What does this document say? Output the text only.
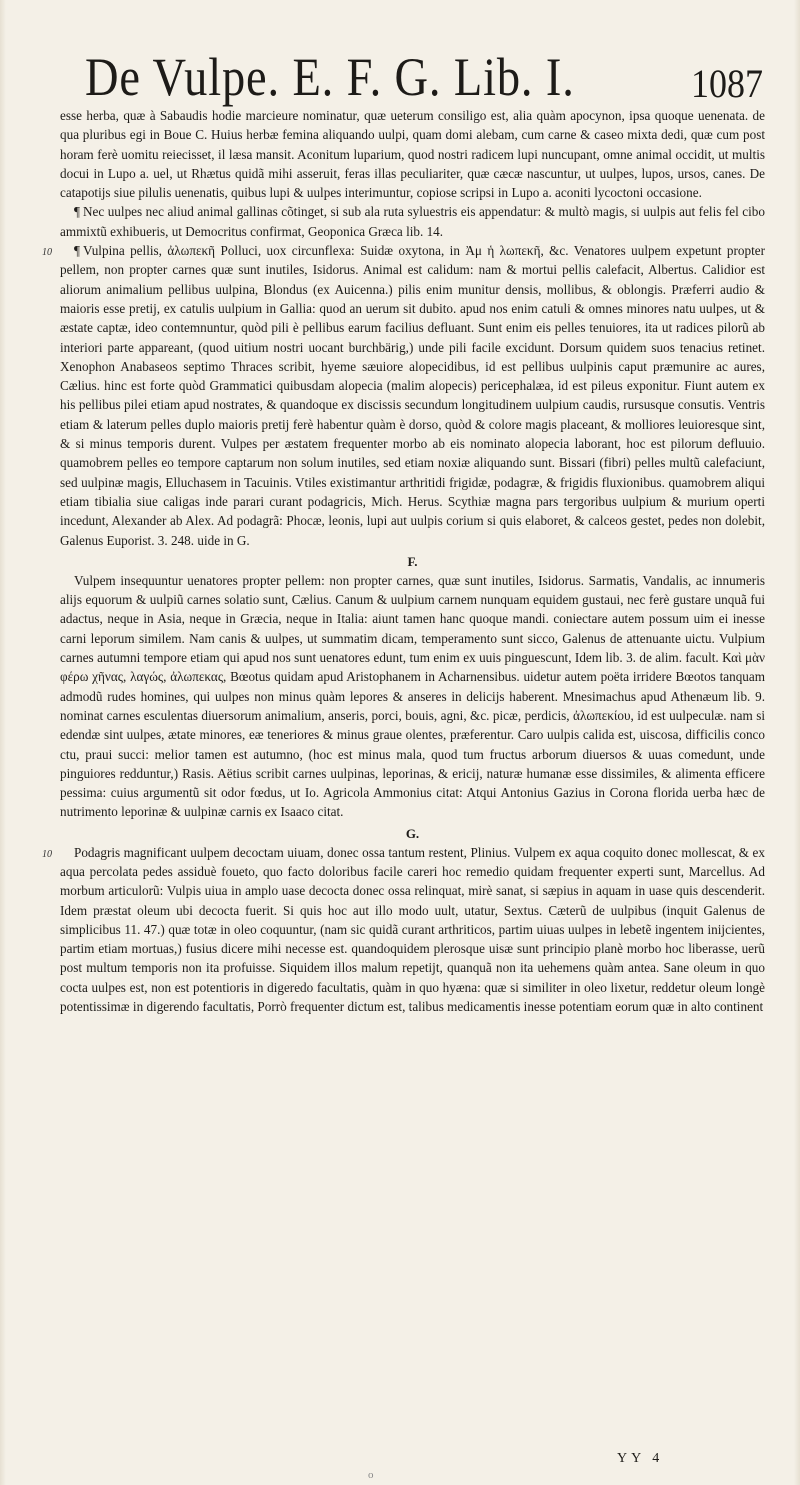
De Vulpe. E. F. G. Lib. I.	1087

esse herba, quæ à Sabaudis hodie marcieure nominatur, quæ ueterum consiligo est, alia quàm apocynon, ipsa quoque uenenata. de qua pluribus egi in Boue C. Huius herbæ femina aliquando uulpi, quam domi alebam, cum carne & caseo mixta dedi, quæ cum post horam ferè uomitu reiecisset, il læsa mansit. Aconitum luparium, quod nostri radicem lupi nuncupant, omne animal occidit, ut multis docui in Lupo a. uel, ut Rhætus quidã mihi asseruit, feras illas peculiariter, quæ cæcæ nascuntur, ut uulpes, lupos, ursos, canes. De catapotijs siue pilulis uenenatis, quibus lupi & uulpes interimuntur, copiose scripsi in Lupo a. aconiti lycoctoni occasione.

¶ Nec uulpes nec aliud animal gallinas cõtinget, si sub ala ruta syluestris eis appendatur: & multò magis, si uulpis aut felis fel cibo ammixtũ exhibueris, ut Democritus confirmat, Geoponica Græca lib. 14.

10 ¶ Vulpina pellis, ἀλωπεκῆ Polluci, uox circunflexa: Suidæ oxytona, in Ἀμ ἡ λωπεκῆ, &c. Venatores uulpem expetunt propter pellem, non propter carnes quæ sunt inutiles, Isidorus. Animal est calidum: nam & mortui pellis calefacit, Albertus. Calidior est aliorum animalium pellibus uulpina, Blondus (ex Auicenna.) pilis enim munitur densis, mollibus, & oblongis. Præferri audio & maioris esse pretij, ex catulis uulpium in Gallia: quod an uerum sit dubito. apud nos enim catuli & omnes minores natu uulpes, ut & æstate captæ, ideo contemnuntur, quòd pili è pellibus earum facilius defluant. Sunt enim eis pelles tenuiores, ita ut radices pilorũ ab interiori parte appareant, (quod uitium nostri uocant burchbärig,) unde pili facile excidunt. Dorsum quidem suos tenacius retinet. Xenophon Anabaseos septimo Thraces scribit, hyeme sæuiore alopecidibus, id est pellibus uulpinis caput præmunire ac aures, Cælius. hinc est forte quòd Grammatici quibusdam alopecia (malim alopecis) pericephalæa, id est pileus exponitur. Fiunt autem ex his pellibus pilei etiam apud nostrates, & quandoque ex discissis secundum longitudinem uulpium caudis, rursusque consutis. Ventris etiam & laterum pelles duplo maioris pretij ferè habentur quàm è dorso, quòd & colore magis placeant, & molliores leuioresque sint, & si minus temporis durent. Vulpes per æstatem frequenter morbo ab eis nominato alopecia laborant, hoc est pilorum defluuio. quamobrem pelles eo tempore captarum non solum inutiles, sed etiam noxiæ aliquando sunt. Bissari (fibri) pelles multũ calefaciunt, sed uulpinæ magis, Elluchasem in Tacuinis. Vtiles existimantur arthritidi frigidæ, podagræ, & frigidis fluxionibus. quamobrem aliqui etiam tibialia siue caligas inde parari curant podagricis, Mich. Herus. Scythiæ magna pars tergoribus uulpium & murium operti incedunt, Alexander ab Alex. Ad podagrã: Phocæ, leonis, lupi aut uulpis corium si quis elaboret, & calceos gestet, pedes non dolebit, Galenus Euporist. 3. 248. uide in G.

F.

Vulpem insequuntur uenatores propter pellem: non propter carnes, quæ sunt inutiles, Isidorus. Sarmatis, Vandalis, ac innumeris alijs equorum & uulpiũ carnes solatio sunt, Cælius. Canum & uulpium carnem nunquam equidem gustaui, nec ferè gustare unquã fui adactus, neque in Asia, neque in Græcia, neque in Italia: aiunt tamen hanc quoque mandi. coniectare autem possum uim ei inesse carni leporum similem. Nam canis & uulpes, ut summatim dicam, temperamento sunt sicco, Galenus de attenuante uictu. Vulpium carnes autumni tempore etiam qui apud nos sunt uenatores edunt, tum enim ex uuis pinguescunt, Idem lib. 3. de alim. facult. Καὶ μὰν φέρω χῆνας, λαγώς, ἀλωπεκας, Bœotus quidam apud Aristophanem in Acharnensibus. uidetur autem poëta irridere Bœotos tanquam admodũ rudes homines, qui uulpes non minus quàm lepores & anseres in delicijs haberent. Mnesimachus apud Athenæum lib. 9. nominat carnes esculentas diuersorum animalium, anseris, porci, bouis, agni, &c. picæ, perdicis, ἀλωπεκίου, id est uulpeculæ. nam si edendæ sint uulpes, ætate minores, eæ teneriores & minus graue olentes, præferentur. Caro uulpis calida est, uiscosa, difficilis conco ctu, praui succi: melior tamen est autumno, (hoc est minus mala, quod tum fructus arborum diuersos & uuas comedunt, unde pinguiores redduntur,) Rasis. Aëtius scribit carnes uulpinas, leporinas, & ericij, naturæ humanæ esse dissimiles, & alimenta efficere pessima: cuius argumentũ sit odor fœdus, ut Io. Agricola Ammonius citat: Atqui Antonius Gazius in Corona florida uerba hæc de nutrimento leporinæ & uulpinæ carnis ex Isaaco citat.

G.

10 Podagris magnificant uulpem decoctam uiuam, donec ossa tantum restent, Plinius. Vulpem ex aqua coquito donec mollescat, & ex aqua percolata pedes assiduè foueto, quo facto doloribus facile careri hoc remedio quidam frequenter experti sunt, Marcellus. Ad morbum articulorũ: Vulpis uiua in amplo uase decocta donec ossa relinquat, mirè sanat, si sæpius in aquam in uase quis descenderit. Idem præstat oleum ubi decocta fuerit. Si quis hoc aut illo modo uult, utatur, Sextus. Cæterũ de uulpibus (inquit Galenus de simplicibus 11. 47.) quæ totæ in oleo coquuntur, (nam sic quidã curant arthriticos, partim uiuas uulpes in lebetẽ ingentem inijcientes, partim etiam mortuas,) fusius dicere mihi necesse est. quandoquidem plerosque uisæ sunt principio planè morbo hoc liberasse, uerũ post multum temporis non ita profuisse. Siquidem illos malum repetijt, quanquã non ita uehemens quàm antea. Sane oleum in quo cocta uulpes est, non est potentioris in digeredo facultatis, quàm in quo hyæna: quæ si similiter in oleo lixetur, reddetur oleum longè potentissimæ in digerendo facultatis, Porrò frequenter dictum est, talibus medicamentis inesse potentiam eorum quæ in alto continent

YY 4
o
